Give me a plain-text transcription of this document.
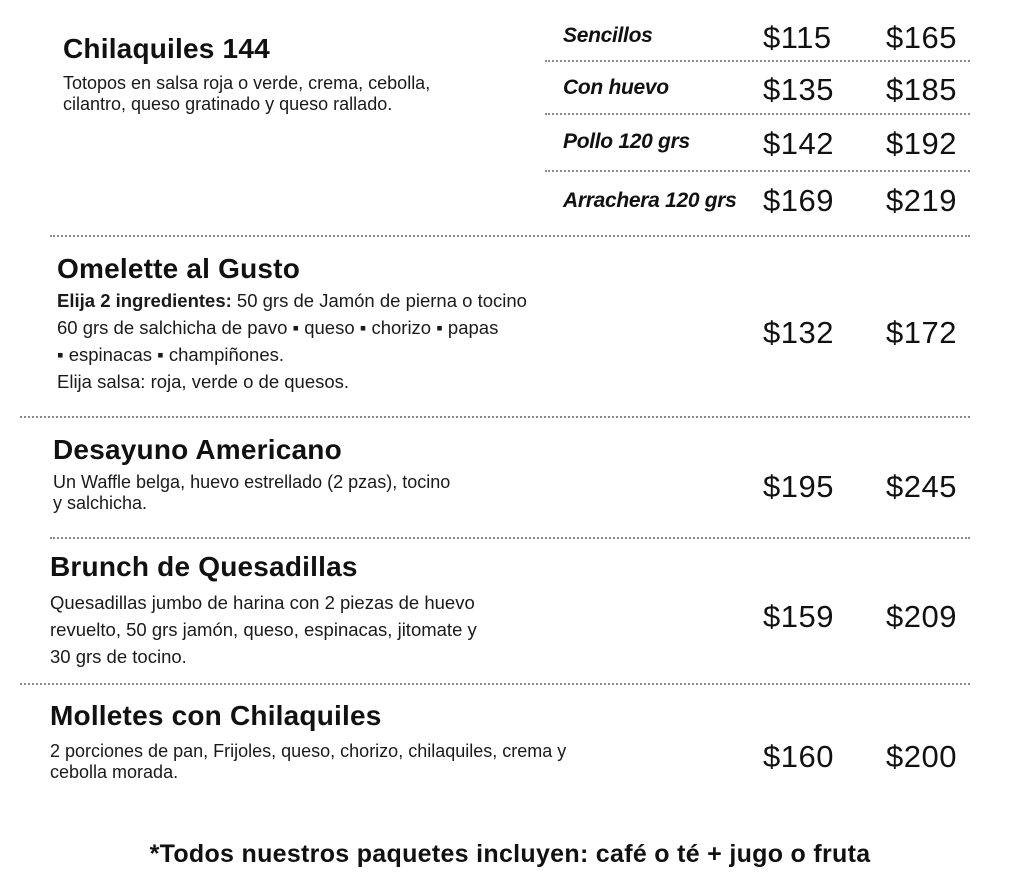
Chilaquiles 144
Totopos en salsa roja o verde, crema, cebolla,
cilantro, queso gratinado y queso rallado.
Sencillos	$115 $165
Con huevo	$135 $185
Pollo 120 grs $142 $192
Arrachera 120 grs $169 $219
Omelette al Gusto
Elija 2 ingredientes: 50 grs de Jamón de pierna o tocino
60 grs de salchicha de pavo ▪ queso ▪ chorizo ▪ papas
▪ espinacas ▪ champiñones.
Elija salsa: roja, verde o de quesos.
$132 $172
Desayuno Americano
Un Waffle belga, huevo estrellado (2 pzas), tocino
y salchicha.	$195 $245
Brunch de Quesadillas
Quesadillas jumbo de harina con 2 piezas de huevo
revuelto, 50 grs jamón, queso, espinacas, jitomate y
30 grs de tocino.
$159 $209
Molletes con Chilaquiles
2 porciones de pan, Frijoles, queso, chorizo, chilaquiles, crema y
cebolla morada.	$160 $200
*Todos nuestros paquetes incluyen: café o té + jugo o fruta
